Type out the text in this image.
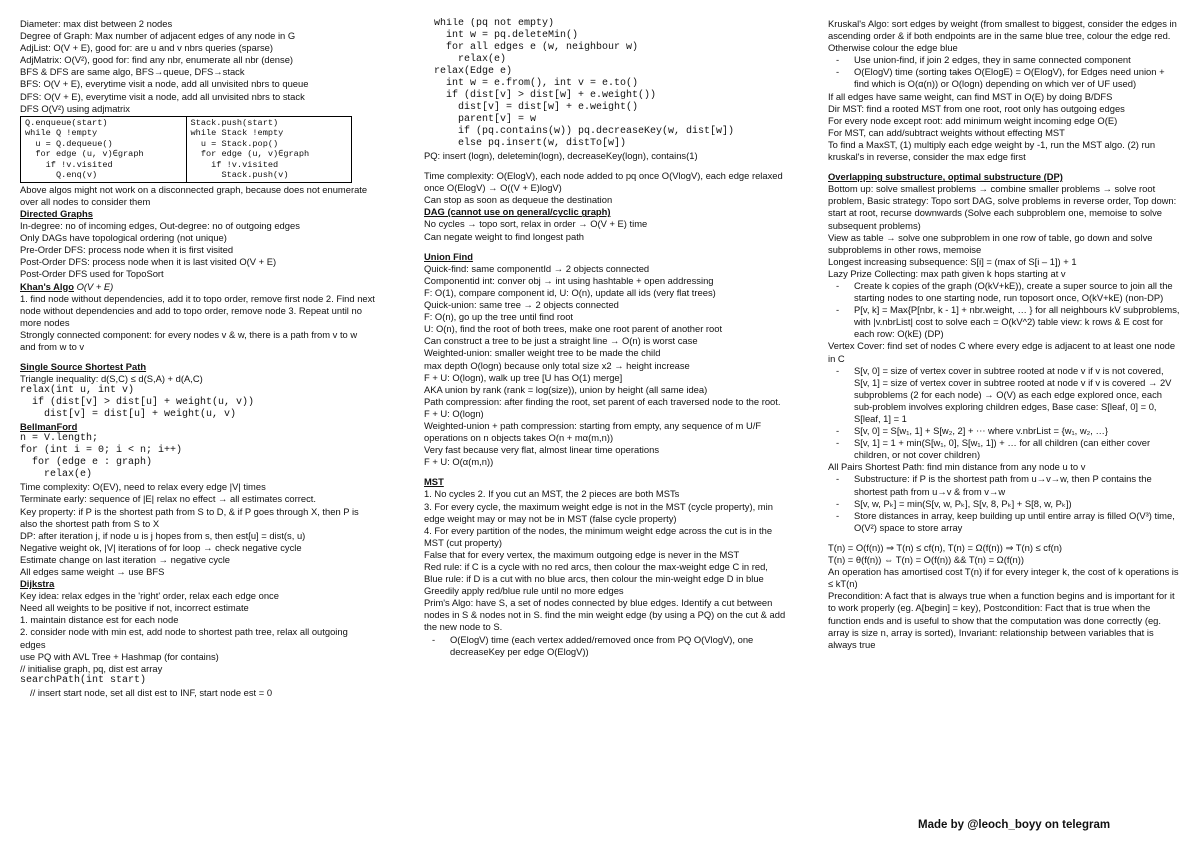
Diameter: max dist between 2 nodes
Degree of Graph: Max number of adjacent edges of any node in G
AdjList: O(V + E), good for: are u and v nbrs queries (sparse)
AdjMatrix: O(V²), good for: find any nbr, enumerate all nbr (dense)
BFS & DFS are same algo, BFS→queue, DFS→stack
BFS: O(V + E), everytime visit a node, add all unvisited nbrs to queue
DFS: O(V + E), everytime visit a node, add all unvisited nbrs to stack
DFS O(V²) using adjmatrix
Q.enqueue(start)
while Q !empty
u = Q.dequeue()
for edge (u, v)∈graph
if !v.visited
Q.enq(v)
Stack.push(start)
while Stack !empty
u = Stack.pop()
for edge (u, v)∈graph
if !v.visited
Stack.push(v)
Above algos might not work on a disconnected graph, because does not enumerate over all nodes to consider them
Directed Graphs
In-degree: no of incoming edges, Out-degree: no of outgoing edges
Only DAGs have topological ordering (not unique)
Pre-Order DFS: process node when it is first visited
Post-Order DFS: process node when it is last visited O(V + E)
Post-Order DFS used for TopoSort
Khan's Algo O(V + E)
1. find node without dependencies, add it to topo order, remove first node 2. Find next node without dependencies and add to topo order, remove node 3. Repeat until no more nodes
Strongly connected component: for every nodes v & w, there is a path from v to w and from w to v
Single Source Shortest Path
Triangle inequality: d(S,C) ≤ d(S,A) + d(A,C)
relax(int u, int v)
if (dist[v] > dist[u] + weight(u, v))
dist[v] = dist[u] + weight(u, v)
BellmanFord
n = V.length;
for (int i = 0; i < n; i++)
for (edge e : graph)
relax(e)
Time complexity: O(EV), need to relax every edge |V| times
Terminate early: sequence of |E| relax no effect → all estimates correct.
Key property: if P is the shortest path from S to D, & if P goes through X, then P is also the shortest path from S to X
DP: after iteration j, if node u is j hopes from s, then est[u] = dist(s, u)
Negative weight ok, |V| iterations of for loop → check negative cycle
Estimate change on last iteration → negative cycle
All edges same weight → use BFS
Dijkstra
Key idea: relax edges in the 'right' order, relax each edge once
Need all weights to be positive if not, incorrect estimate
1. maintain distance est for each node
2. consider node with min est, add node to shortest path tree, relax all outgoing edges
use PQ with AVL Tree + Hashmap (for contains)
// initialise graph, pq, dist est array
searchPath(int start)
// insert start node, set all dist est to INF, start node est = 0
while (pq not empty)
int w = pq.deleteMin()
for all edges e (w, neighbour w)
relax(e)
relax(Edge e)
int w = e.from(), int v = e.to()
if (dist[v] > dist[w] + e.weight())
dist[v] = dist[w] + e.weight()
parent[v] = w
if (pq.contains(w)) pq.decreaseKey(w, dist[w])
else pq.insert(w, distTo[w])
PQ: insert (logn), deletemin(logn), decreaseKey(logn), contains(1)
Time complexity: O(ElogV), each node added to pq once O(VlogV), each edge relaxed once O(ElogV) → O((V + E)logV)
Can stop as soon as dequeue the destination
DAG (cannot use on general/cyclic graph)
No cycles → topo sort, relax in order → O(V + E) time
Can negate weight to find longest path
Union Find
Quick-find: same componentId → 2 objects connected
Componentid int: conver obj → int using hashtable + open addressing
F: O(1), compare component id, U: O(n), update all ids (very flat trees)
Quick-union: same tree → 2 objects connected
F: O(n), go up the tree until find root
U: O(n), find the root of both trees, make one root parent of another root
Can construct a tree to be just a straight line → O(n) is worst case
Weighted-union: smaller weight tree to be made the child
max depth O(logn) because only total size x2 → height increase
F + U: O(logn), walk up tree [U has O(1) merge]
AKA union by rank (rank = log(size)), union by height (all same idea)
Path compression: after finding the root, set parent of each traversed node to the root. F + U: O(logn)
Weighted-union + path compression: starting from empty, any sequence of m U/F operations on n objects takes O(n + mα(m,n))
Very fast because very flat, almost linear time operations
F + U: O(α(m,n))
MST
1. No cycles 2. If you cut an MST, the 2 pieces are both MSTs
3. For every cycle, the maximum weight edge is not in the MST (cycle property), min edge weight may or may not be in MST (false cycle property)
4. For every partition of the nodes, the minimum weight edge across the cut is in the MST (cut property)
False that for every vertex, the maximum outgoing edge is never in the MST
Red rule: if C is a cycle with no red arcs, then colour the max-weight edge C in red, Blue rule: if D is a cut with no blue arcs, then colour the min-weight edge D in blue
Greedily apply red/blue rule until no more edges
Prim's Algo: have S, a set of nodes connected by blue edges. Identify a cut between nodes in S & nodes not in S. find the min weight edge (by using a PQ) on the cut & add the new node to S.
- O(ElogV) time (each vertex added/removed once from PQ O(VlogV), one decreaseKey per edge O(ElogV))
Kruskal's Algo: sort edges by weight (from smallest to biggest, consider the edges in ascending order & if both endpoints are in the same blue tree, colour the edge red. Otherwise colour the edge blue
- Use union-find, if join 2 edges, they in same connected component
- O(ElogV) time (sorting takes O(ElogE) = O(ElogV), for Edges need union + find which is O(α(n)) or O(logn) depending on which ver of UF used)
If all edges have same weight, can find MST in O(E) by doing B/DFS
Dir MST: find a rooted MST from one root, root only has outgoing edges
For every node except root: add minimum weight incoming edge O(E)
For MST, can add/subtract weights without effecting MST
To find a MaxST, (1) multiply each edge weight by -1, run the MST algo. (2) run kruskal's in reverse, consider the max edge first
Overlapping substructure, optimal substructure (DP)
Bottom up: solve smallest problems → combine smaller problems → solve root problem, Basic strategy: Topo sort DAG, solve problems in reverse order, Top down: start at root, recurse downwards (Solve each subproblem one, memoise to solve subsequent problems)
View as table → solve one subproblem in one row of table, go down and solve subproblems in other rows, memoise
Longest increasing subsequence: S[i] = (max of S[i – 1]) + 1
Lazy Prize Collecting: max path given k hops starting at v
- Create k copies of the graph (O(kV+kE)), create a super source to join all the starting nodes to one starting node, run toposort once, O(kV+kE) (non-DP)
- P[v, k] = Max{P[nbr, k - 1] + nbr.weight, … } for all neighbours kV subproblems, with |v.nbrList| cost to solve each = O(kV^2) table view: k rows & E cost for each row: O(kE) (DP)
Vertex Cover: find set of nodes C where every edge is adjacent to at least one node in C
- S[v, 0] = size of vertex cover in subtree rooted at node v if v is not covered, S[v, 1] = size of vertex cover in subtree rooted at node v if v is covered → 2V subproblems (2 for each node) → O(V) as each edge explored once, each sub-problem involves exploring children edges, Base case: S[leaf, 0] = 0, S[leaf, 1] = 1
- S[v, 0] = S[w₁, 1] + S[w₂, 2] + ⋯ where v.nbrList = {w₁, w₂, …}
- S[v, 1] = 1 + min(S[w₁, 0], S[w₁, 1]) + … for all children (can either cover children, or not cover children)
All Pairs Shortest Path: find min distance from any node u to v
- Substructure: if P is the shortest path from u→v→w, then P contains the shortest path from u→v & from v→w
- S[v, w, Pₖ] = min(S[v, w, Pₖ], S[v, 8, Pₖ] + S[8, w, Pₖ])
- Store distances in array, keep building up until entire array is filled O(V³) time, O(V²) space to store array
T(n) = O(f(n)) ⇒ T(n) ≤ cf(n), T(n) = Ω(f(n)) ⇒ T(n) ≤ cf(n)
T(n) = θ(f(n)) ⇔ T(n) = O(f(n)) && T(n) = Ω(f(n))
An operation has amortised cost T(n) if for every integer k, the cost of k operations is ≤ kT(n)
Precondition: A fact that is always true when a function begins and is important for it to work properly (eg. A[begin] = key), Postcondition: Fact that is true when the function ends and is useful to show that the computation was done correctly (eg. array is size n, array is sorted), Invariant: relationship between variables that is always true
Made by @leoch_boyy on telegram
